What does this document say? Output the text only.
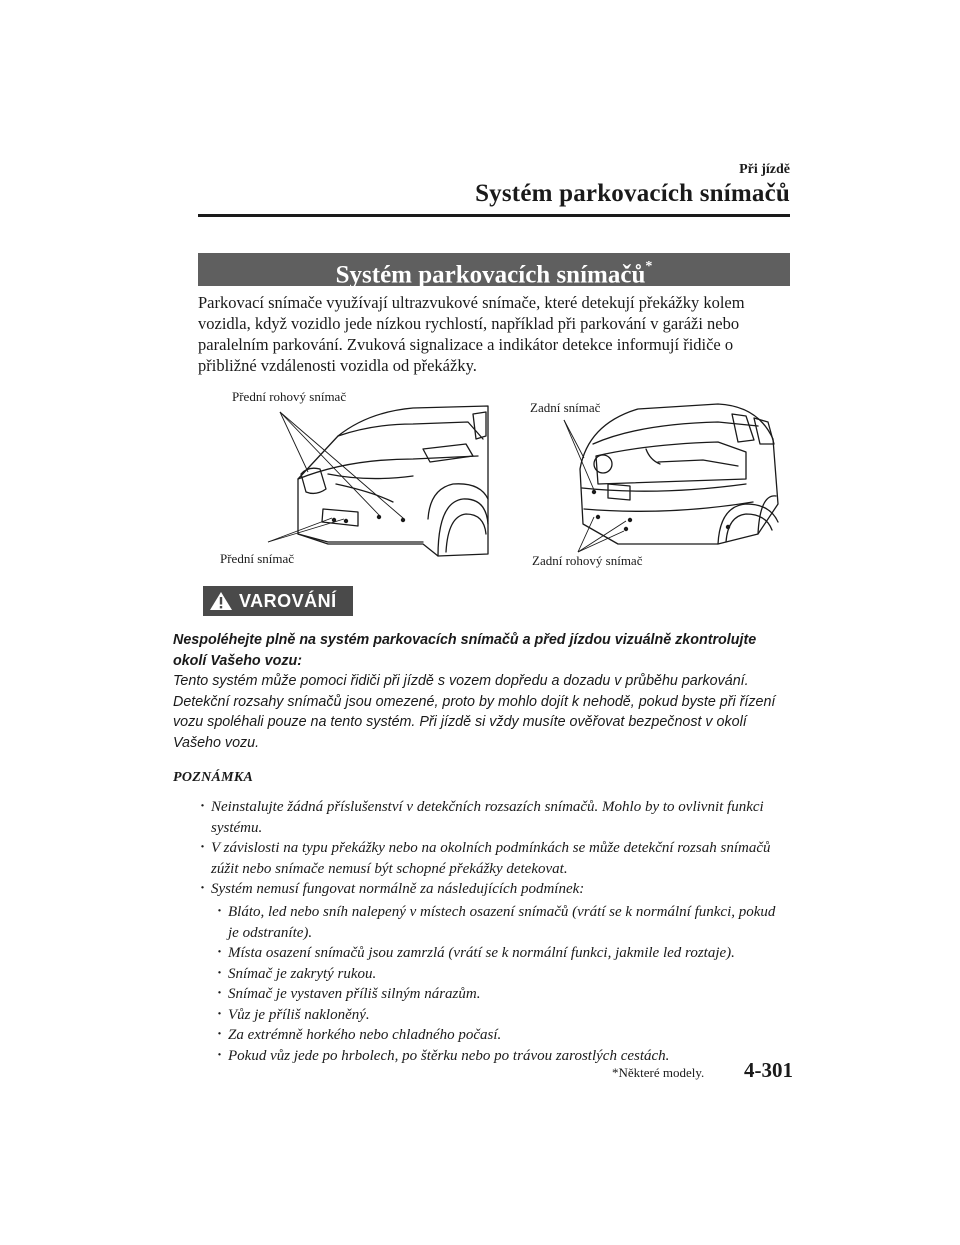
Při jízdě
Systém parkovacích snímačů
Systém parkovacích snímačů*
Parkovací snímače využívají ultrazvukové snímače, které detekují překážky kolem vozidla, když vozidlo jede nízkou rychlostí, například při parkování v garáži nebo paralelním parkování. Zvuková signalizace a indikátor detekce informují řidiče o přibližné vzdálenosti vozidla od překážky.
Přední rohový snímač
Přední snímač
Zadní snímač
Zadní rohový snímač
VAROVÁNÍ
Nespoléhejte plně na systém parkovacích snímačů a před jízdou vizuálně zkontrolujte okolí Vašeho vozu:
Tento systém může pomoci řidiči při jízdě s vozem dopředu a dozadu v průběhu parkování. Detekční rozsahy snímačů jsou omezené, proto by mohlo dojít k nehodě, pokud byste při řízení vozu spoléhali pouze na tento systém. Při jízdě si vždy musíte ověřovat bezpečnost v okolí Vašeho vozu.
POZNÁMKA
· Neinstalujte žádná příslušenství v detekčních rozsazích snímačů. Mohlo by to ovlivnit funkci systému.
· V závislosti na typu překážky nebo na okolních podmínkách se může detekční rozsah snímačů zúžit nebo snímače nemusí být schopné překážky detekovat.
· Systém nemusí fungovat normálně za následujících podmínek:
· Bláto, led nebo sníh nalepený v místech osazení snímačů (vrátí se k normální funkci, pokud je odstraníte).
· Místa osazení snímačů jsou zamrzlá (vrátí se k normální funkci, jakmile led roztaje).
· Snímač je zakrytý rukou.
· Snímač je vystaven příliš silným nárazům.
· Vůz je příliš nakloněný.
· Za extrémně horkého nebo chladného počasí.
· Pokud vůz jede po hrbolech, po štěrku nebo po trávou zarostlých cestách.
*Některé modely. 4-301
